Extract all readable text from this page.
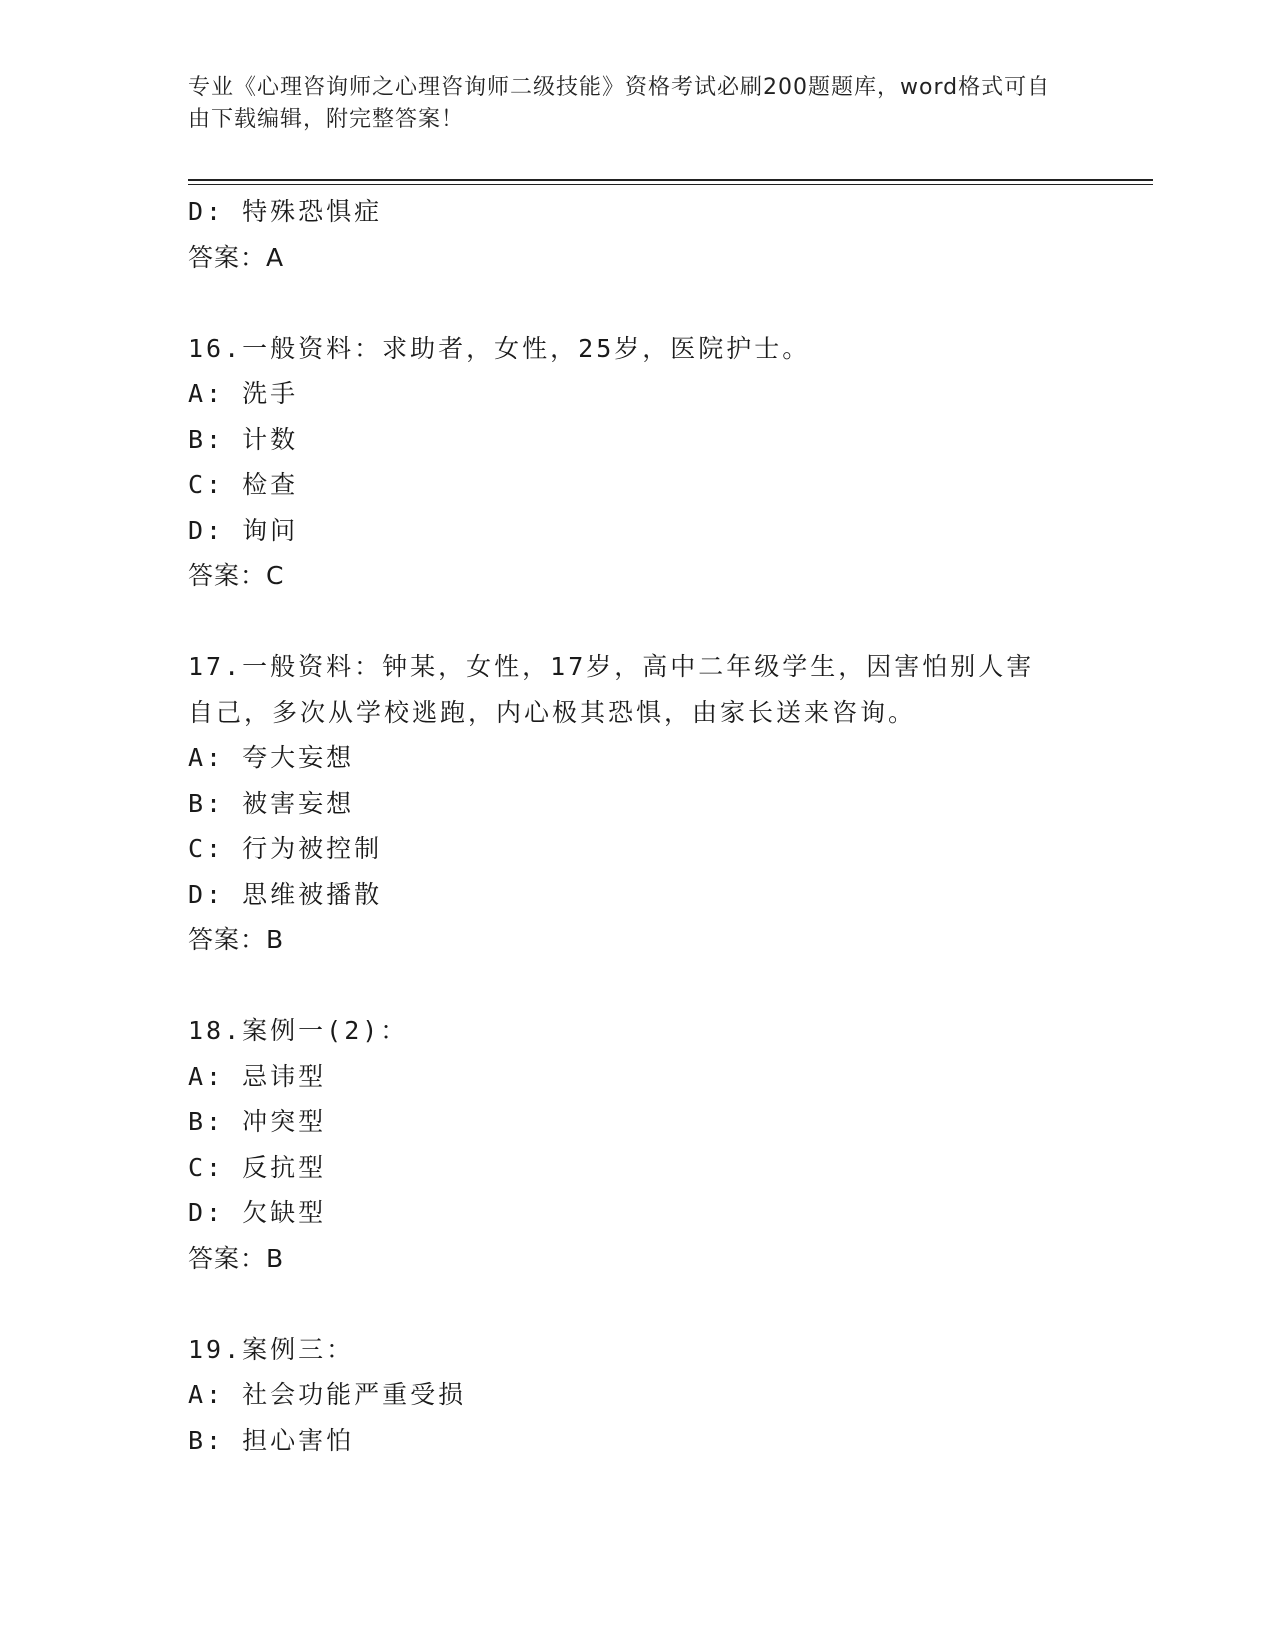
专业《心理咨询师之心理咨询师二级技能》资格考试必刷200题题库，word格式可自由下载编辑，附完整答案！
D: 特殊恐惧症
答案：A
16.一般资料：求助者，女性，25岁，医院护士。
A: 洗手
B: 计数
C: 检查
D: 询问
答案：C
17.一般资料：钟某，女性，17岁，高中二年级学生，因害怕别人害自己，多次从学校逃跑，内心极其恐惧，由家长送来咨询。
A: 夸大妄想
B: 被害妄想
C: 行为被控制
D: 思维被播散
答案：B
18.案例一(2)：
A: 忌讳型
B: 冲突型
C: 反抗型
D: 欠缺型
答案：B
19.案例三：
A: 社会功能严重受损
B: 担心害怕
